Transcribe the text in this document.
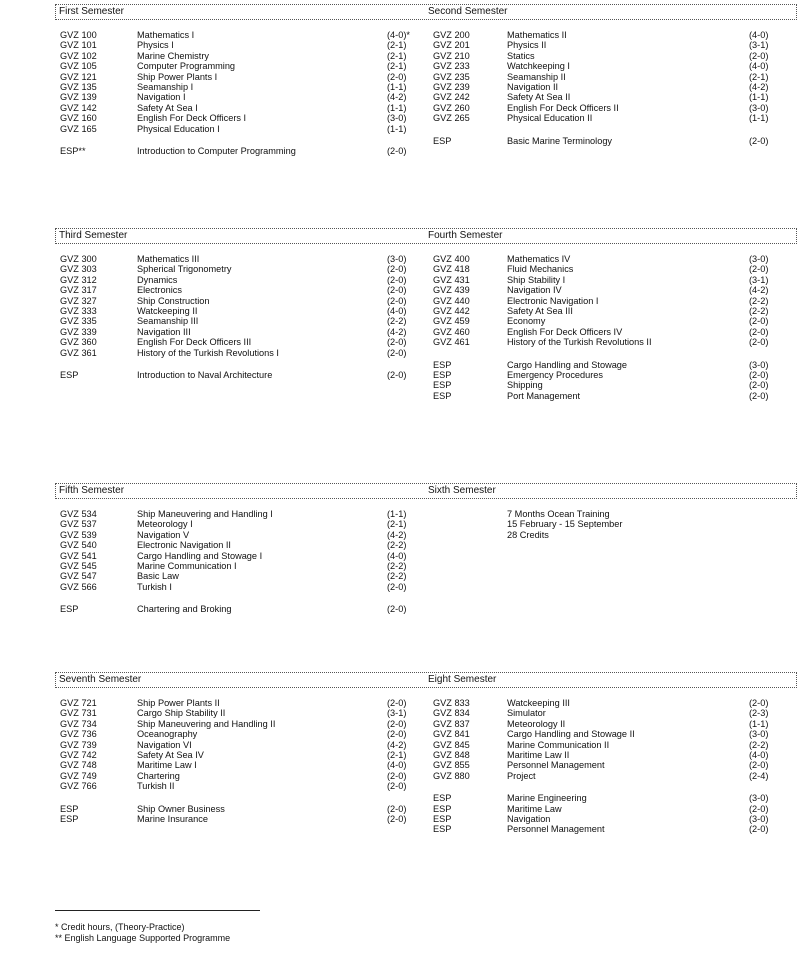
First Semester	Second Semester
GVZ 100	Mathematics I	(4-0)*
GVZ 101	Physics I	(2-1)
GVZ 102	Marine Chemistry	(2-1)
GVZ 105	Computer Programming	(2-1)
GVZ 121	Ship Power Plants I	(2-0)
GVZ 135	Seamanship I	(1-1)
GVZ 139	Navigation I	(4-2)
GVZ 142	Safety At Sea I	(1-1)
GVZ 160	English For Deck Officers I	(3-0)
GVZ 165	Physical Education I	(1-1)
ESP**	Introduction to Computer Programming	(2-0)
GVZ 200	Mathematics II	(4-0)
GVZ 201	Physics II	(3-1)
GVZ 210	Statics	(2-0)
GVZ 233	Watchkeeping I	(4-0)
GVZ 235	Seamanship II	(2-1)
GVZ 239	Navigation II	(4-2)
GVZ 242	Safety At Sea II	(1-1)
GVZ 260	English For Deck Officers II	(3-0)
GVZ 265	Physical Education II	(1-1)
ESP	Basic Marine Terminology	(2-0)
Third Semester	Fourth Semester
GVZ 300	Mathematics III	(3-0)
GVZ 303	Spherical Trigonometry	(2-0)
GVZ 312	Dynamics	(2-0)
GVZ 317	Electronics	(2-0)
GVZ 327	Ship Construction	(2-0)
GVZ 333	Watckeeping II	(4-0)
GVZ 335	Seamanship III	(2-2)
GVZ 339	Navigation III	(4-2)
GVZ 360	English For Deck Officers III	(2-0)
GVZ 361	History of the Turkish Revolutions I	(2-0)
ESP	Introduction to Naval Architecture	(2-0)
GVZ 400	Mathematics IV	(3-0)
GVZ 418	Fluid Mechanics	(2-0)
GVZ 431	Ship Stability I	(3-1)
GVZ 439	Navigation IV	(4-2)
GVZ 440	Electronic Navigation I	(2-2)
GVZ 442	Safety At Sea III	(2-2)
GVZ 459	Economy	(2-0)
GVZ 460	English For Deck Officers IV	(2-0)
GVZ 461	History of the Turkish Revolutions II	(2-0)
ESP	Cargo Handling and Stowage	(3-0)
ESP	Emergency Procedures	(2-0)
ESP	Shipping	(2-0)
ESP	Port Management	(2-0)
Fifth Semester	Sixth Semester
GVZ 534	Ship Maneuvering and Handling I	(1-1)
GVZ 537	Meteorology I	(2-1)
GVZ 539	Navigation V	(4-2)
GVZ 540	Electronic Navigation II	(2-2)
GVZ 541	Cargo Handling and Stowage I	(4-0)
GVZ 545	Marine Communication I	(2-2)
GVZ 547	Basic Law	(2-2)
GVZ 566	Turkish I	(2-0)
ESP	Chartering and Broking	(2-0)
7 Months Ocean Training
15 February - 15 September
28 Credits
Seventh Semester	Eight Semester
GVZ 721	Ship Power Plants II	(2-0)
GVZ 731	Cargo Ship Stability II	(3-1)
GVZ 734	Ship Maneuvering and Handling II	(2-0)
GVZ 736	Oceanography	(2-0)
GVZ 739	Navigation VI	(4-2)
GVZ 742	Safety At Sea IV	(2-1)
GVZ 748	Maritime Law I	(4-0)
GVZ 749	Chartering	(2-0)
GVZ 766	Turkish II	(2-0)
ESP	Ship Owner Business	(2-0)
ESP	Marine Insurance	(2-0)
GVZ 833	Watckeeping III	(2-0)
GVZ 834	Simulator	(2-3)
GVZ 837	Meteorology II	(1-1)
GVZ 841	Cargo Handling and Stowage II	(3-0)
GVZ 845	Marine Communication II	(2-2)
GVZ 848	Maritime Law II	(4-0)
GVZ 855	Personnel Management	(2-0)
GVZ 880	Project	(2-4)
ESP	Marine Engineering	(3-0)
ESP	Maritime Law	(2-0)
ESP	Navigation	(3-0)
ESP	Personnel Management	(2-0)
* Credit hours, (Theory-Practice)
** English Language Supported Programme
